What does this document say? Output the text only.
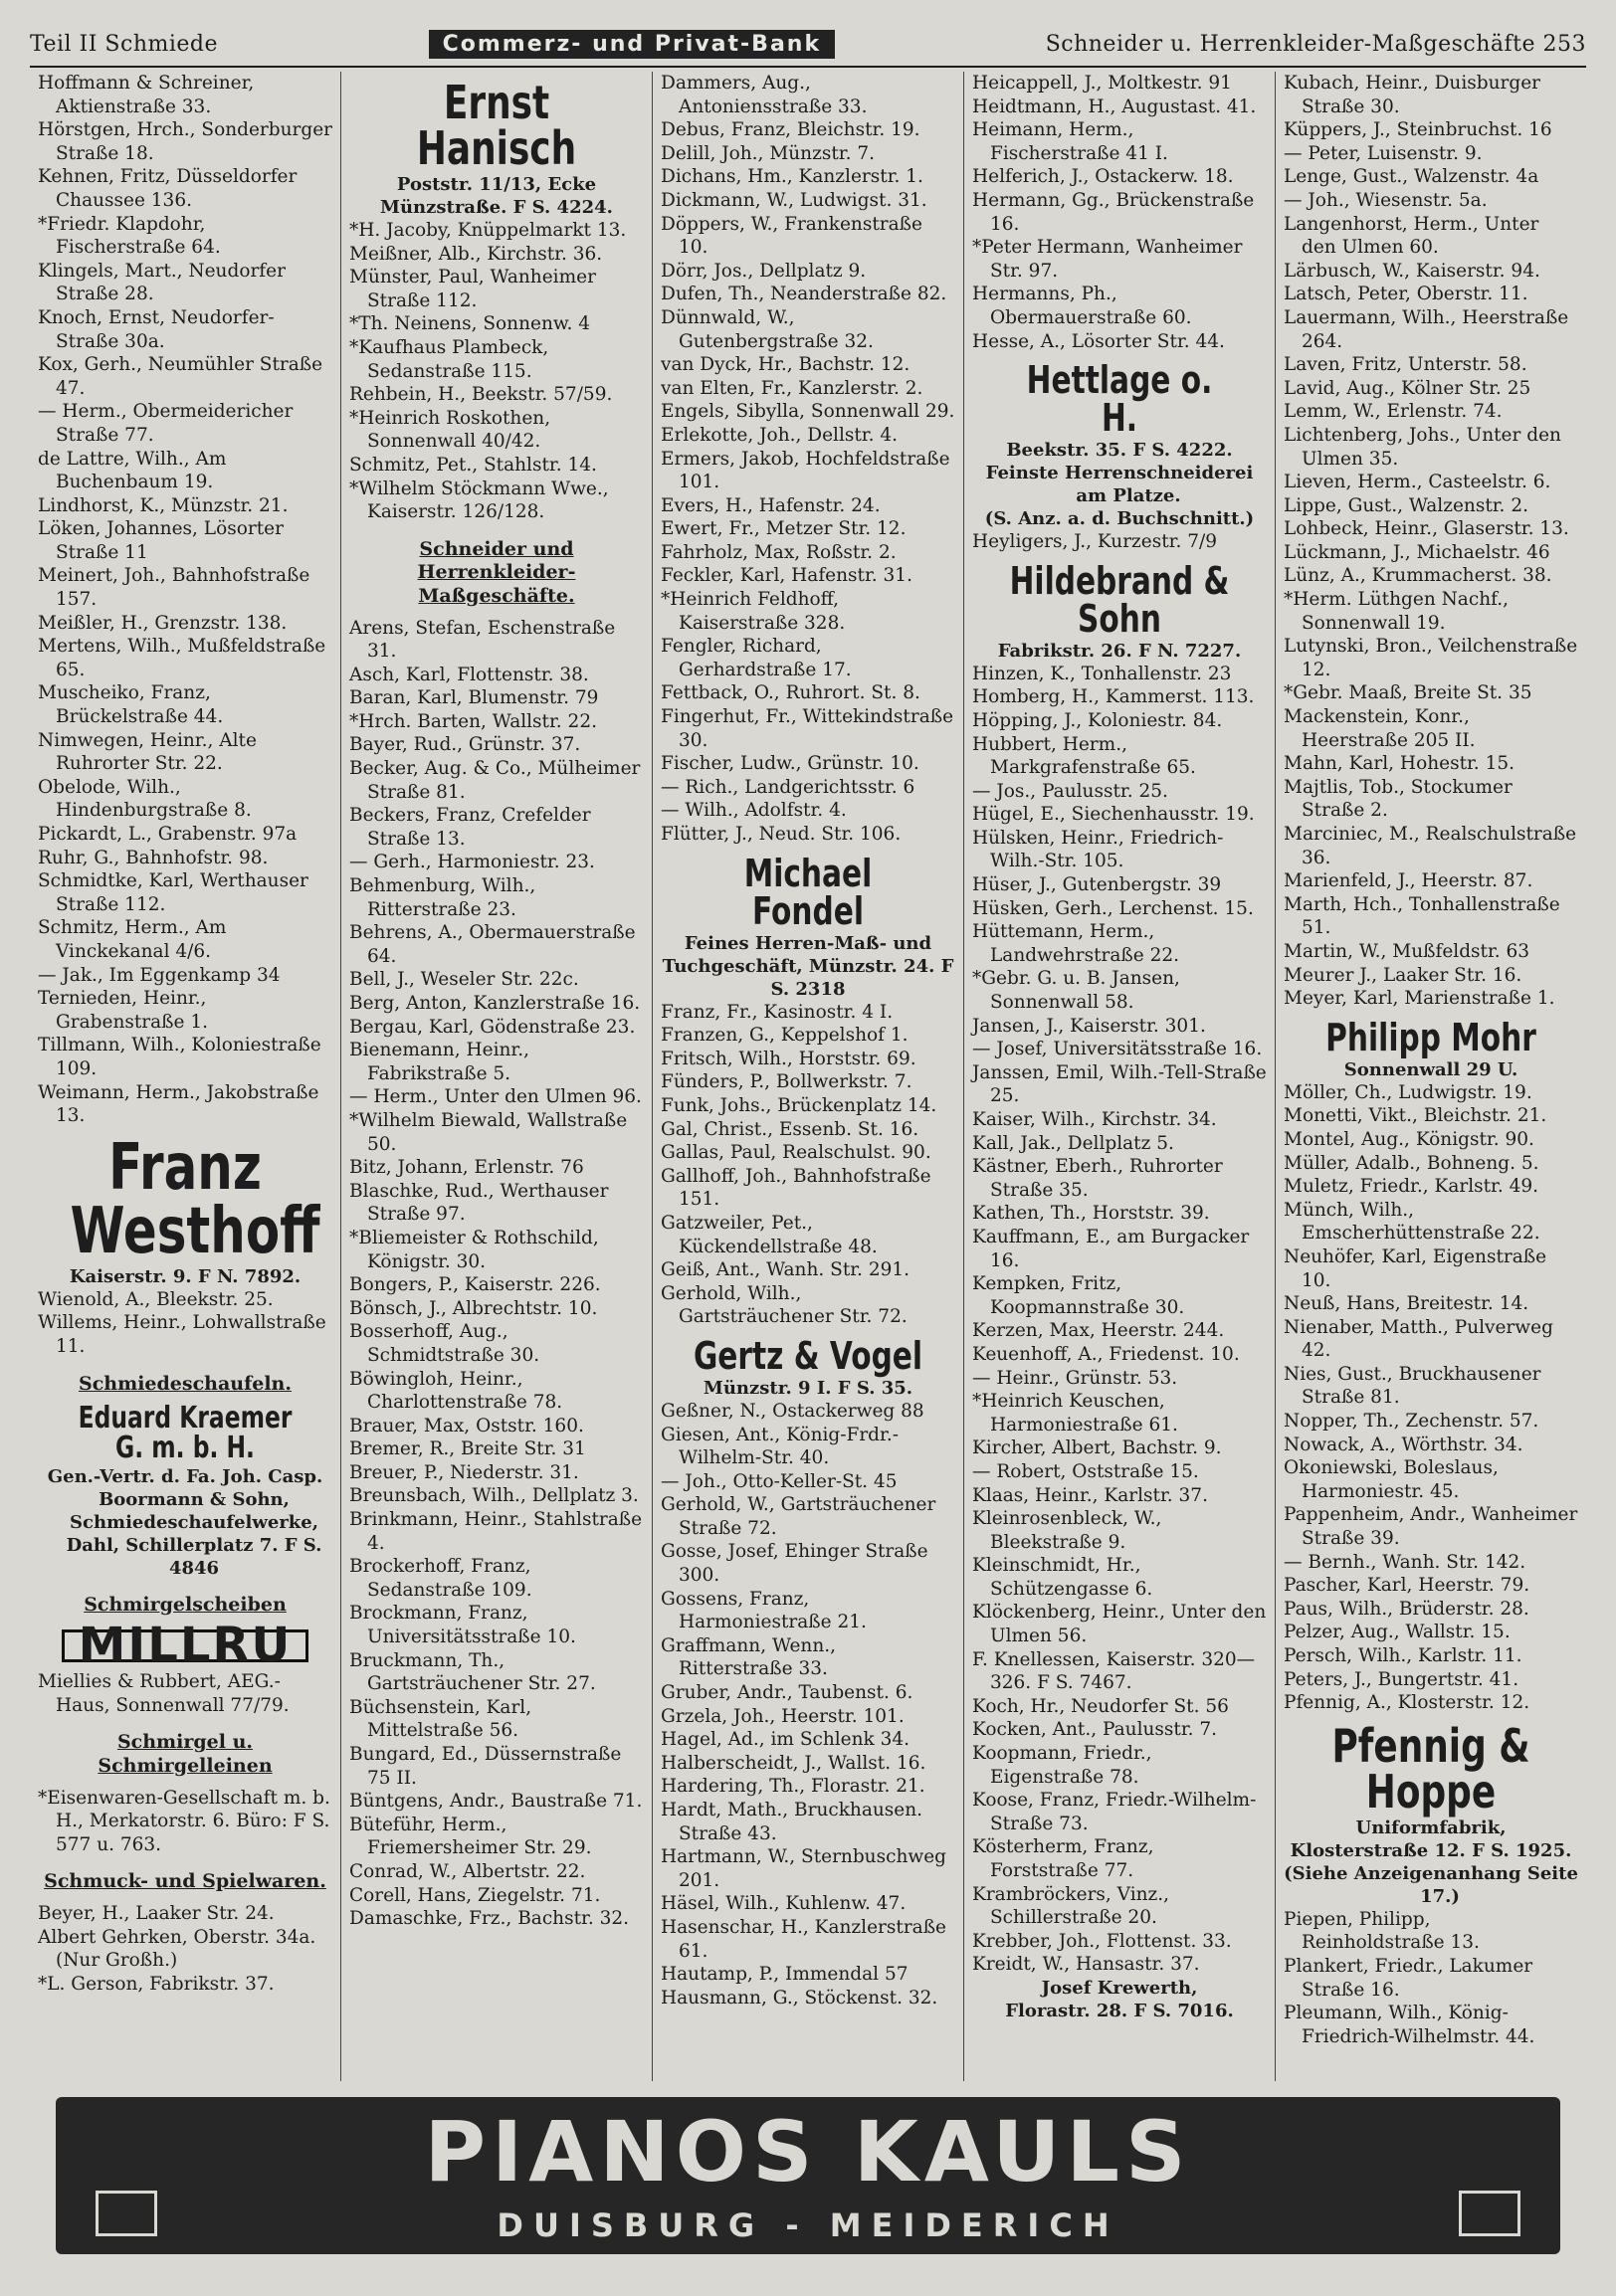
Teil II Schmiede	Commerz- und Privat-Bank	Schneider u. Herrenkleider-Maßgeschäfte 253

Hoffmann & Schreiner, Aktienstraße 33.

Hörstgen, Hrch., Sonderburger Straße 18.

Kehnen, Fritz, Düsseldorfer Chaussee 136.

*Friedr. Klapdohr, Fischerstraße 64.

Klingels, Mart., Neudorfer Straße 28.

Knoch, Ernst, Neudorfer-Straße 30a.

Kox, Gerh., Neumühler Straße 47.

— Herm., Obermeidericher Straße 77.

de Lattre, Wilh., Am Buchenbaum 19.

Lindhorst, K., Münzstr. 21.

Löken, Johannes, Lösorter Straße 11

Meinert, Joh., Bahnhofstraße 157.

Meißler, H., Grenzstr. 138.

Mertens, Wilh., Mußfeldstraße 65.

Muscheiko, Franz, Brückelstraße 44.

Nimwegen, Heinr., Alte Ruhrorter Str. 22.

Obelode, Wilh., Hindenburgstraße 8.

Pickardt, L., Grabenstr. 97a

Ruhr, G., Bahnhofstr. 98.

Schmidtke, Karl, Werthauser Straße 112.

Schmitz, Herm., Am Vinckekanal 4/6.

— Jak., Im Eggenkamp 34

Ternieden, Heinr., Grabenstraße 1.

Tillmann, Wilh., Koloniestraße 109.

Weimann, Herm., Jakobstraße 13.

Franz Westhoff
Kaiserstr. 9. F N. 7892.

Wienold, A., Bleekstr. 25.

Willems, Heinr., Lohwallstraße 11.

Schmiedeschaufeln.
Eduard Kraemer G. m. b. H.

Gen.-Vertr. d. Fa. Joh. Casp. Boormann & Sohn, Schmiedeschaufelwerke, Dahl, Schillerplatz 7. F S. 4846

Schmirgelscheiben
MILLRU

Miellies & Rubbert, AEG.-Haus, Sonnenwall 77/79.

Schmirgel u. Schmirgelleinen

*Eisenwaren-Gesellschaft m. b. H., Merkatorstr. 6. Büro: F S. 577 u. 763.

Schmuck- und Spielwaren.

Beyer, H., Laaker Str. 24.

Albert Gehrken, Oberstr. 34a. (Nur Großh.)

*L. Gerson, Fabrikstr. 37.

Ernst Hanisch
Poststr. 11/13, Ecke Münzstraße. F S. 4224.

*H. Jacoby, Knüppelmarkt 13.

Meißner, Alb., Kirchstr. 36.

Münster, Paul, Wanheimer Straße 112.

*Th. Neinens, Sonnenw. 4

*Kaufhaus Plambeck, Sedanstraße 115.

Rehbein, H., Beekstr. 57/59.

*Heinrich Roskothen, Sonnenwall 40/42.

Schmitz, Pet., Stahlstr. 14.

*Wilhelm Stöckmann Wwe., Kaiserstr. 126/128.

Schneider und Herrenkleider-Maßgeschäfte.

Arens, Stefan, Eschenstraße 31.

Asch, Karl, Flottenstr. 38.

Baran, Karl, Blumenstr. 79

*Hrch. Barten, Wallstr. 22.

Bayer, Rud., Grünstr. 37.

Becker, Aug. & Co., Mülheimer Straße 81.

Beckers, Franz, Crefelder Straße 13.

— Gerh., Harmoniestr. 23.

Behmenburg, Wilh., Ritterstraße 23.

Behrens, A., Obermauerstraße 64.

Bell, J., Weseler Str. 22c.

Berg, Anton, Kanzlerstraße 16.

Bergau, Karl, Gödenstraße 23.

Bienemann, Heinr., Fabrikstraße 5.

— Herm., Unter den Ulmen 96.

*Wilhelm Biewald, Wallstraße 50.

Bitz, Johann, Erlenstr. 76

Blaschke, Rud., Werthauser Straße 97.

*Bliemeister & Rothschild, Königstr. 30.

Bongers, P., Kaiserstr. 226.

Bönsch, J., Albrechtstr. 10.

Bosserhoff, Aug., Schmidtstraße 30.

Böwingloh, Heinr., Charlottenstraße 78.

Brauer, Max, Oststr. 160.

Bremer, R., Breite Str. 31

Breuer, P., Niederstr. 31.

Breunsbach, Wilh., Dellplatz 3.

Brinkmann, Heinr., Stahlstraße 4.

Brockerhoff, Franz, Sedanstraße 109.

Brockmann, Franz, Universitätsstraße 10.

Bruckmann, Th., Gartsträuchener Str. 27.

Büchsenstein, Karl, Mittelstraße 56.

Bungard, Ed., Düssernstraße 75 II.

Büntgens, Andr., Baustraße 71.

Büteführ, Herm., Friemersheimer Str. 29.

Conrad, W., Albertstr. 22.

Corell, Hans, Ziegelstr. 71.

Damaschke, Frz., Bachstr. 32.

Dammers, Aug., Antoniensstraße 33.

Debus, Franz, Bleichstr. 19.

Delill, Joh., Münzstr. 7.

Dichans, Hm., Kanzlerstr. 1.

Dickmann, W., Ludwigst. 31.

Döppers, W., Frankenstraße 10.

Dörr, Jos., Dellplatz 9.

Dufen, Th., Neanderstraße 82.

Dünnwald, W., Gutenbergstraße 32.

van Dyck, Hr., Bachstr. 12.

van Elten, Fr., Kanzlerstr. 2.

Engels, Sibylla, Sonnenwall 29.

Erlekotte, Joh., Dellstr. 4.

Ermers, Jakob, Hochfeldstraße 101.

Evers, H., Hafenstr. 24.

Ewert, Fr., Metzer Str. 12.

Fahrholz, Max, Roßstr. 2.

Feckler, Karl, Hafenstr. 31.

*Heinrich Feldhoff, Kaiserstraße 328.

Fengler, Richard, Gerhardstraße 17.

Fettback, O., Ruhrort. St. 8.

Fingerhut, Fr., Wittekindstraße 30.

Fischer, Ludw., Grünstr. 10.

— Rich., Landgerichtsstr. 6

— Wilh., Adolfstr. 4.

Flütter, J., Neud. Str. 106.

Michael Fondel
Feines Herren-Maß- und Tuchgeschäft, Münzstr. 24. F S. 2318

Franz, Fr., Kasinostr. 4 I.

Franzen, G., Keppelshof 1.

Fritsch, Wilh., Horststr. 69.

Fünders, P., Bollwerkstr. 7.

Funk, Johs., Brückenplatz 14.

Gal, Christ., Essenb. St. 16.

Gallas, Paul, Realschulst. 90.

Gallhoff, Joh., Bahnhofstraße 151.

Gatzweiler, Pet., Kückendellstraße 48.

Geiß, Ant., Wanh. Str. 291.

Gerhold, Wilh., Gartsträuchener Str. 72.

Gertz & Vogel
Münzstr. 9 I. F S. 35.

Geßner, N., Ostackerweg 88

Giesen, Ant., König-Frdr.-Wilhelm-Str. 40.

— Joh., Otto-Keller-St. 45

Gerhold, W., Gartsträuchener Straße 72.

Gosse, Josef, Ehinger Straße 300.

Gossens, Franz, Harmoniestraße 21.

Graffmann, Wenn., Ritterstraße 33.

Gruber, Andr., Taubenst. 6.

Grzela, Joh., Heerstr. 101.

Hagel, Ad., im Schlenk 34.

Halberscheidt, J., Wallst. 16.

Hardering, Th., Florastr. 21.

Hardt, Math., Bruckhausen. Straße 43.

Hartmann, W., Sternbuschweg 201.

Häsel, Wilh., Kuhlenw. 47.

Hasenschar, H., Kanzlerstraße 61.

Hautamp, P., Immendal 57

Hausmann, G., Stöckenst. 32.

Heicappell, J., Moltkestr. 91

Heidtmann, H., Augustast. 41.

Heimann, Herm., Fischerstraße 41 I.

Helferich, J., Ostackerw. 18.

Hermann, Gg., Brückenstraße 16.

*Peter Hermann, Wanheimer Str. 97.

Hermanns, Ph., Obermauerstraße 60.

Hesse, A., Lösorter Str. 44.

Hettlage o. H.

Beekstr. 35. F S. 4222.

Feinste Herrenschneiderei am Platze.

(S. Anz. a. d. Buchschnitt.)

Heyligers, J., Kurzestr. 7/9

Hildebrand & Sohn
Fabrikstr. 26. F N. 7227.

Hinzen, K., Tonhallenstr. 23

Homberg, H., Kammerst. 113.

Höpping, J., Koloniestr. 84.

Hubbert, Herm., Markgrafenstraße 65.

— Jos., Paulusstr. 25.

Hügel, E., Siechenhausstr. 19.

Hülsken, Heinr., Friedrich-Wilh.-Str. 105.

Hüser, J., Gutenbergstr. 39

Hüsken, Gerh., Lerchenst. 15.

Hüttemann, Herm., Landwehrstraße 22.

*Gebr. G. u. B. Jansen, Sonnenwall 58.

Jansen, J., Kaiserstr. 301.

— Josef, Universitätsstraße 16.

Janssen, Emil, Wilh.-Tell-Straße 25.

Kaiser, Wilh., Kirchstr. 34.

Kall, Jak., Dellplatz 5.

Kästner, Eberh., Ruhrorter Straße 35.

Kathen, Th., Horststr. 39.

Kauffmann, E., am Burgacker 16.

Kempken, Fritz, Koopmannstraße 30.

Kerzen, Max, Heerstr. 244.

Keuenhoff, A., Friedenst. 10.

— Heinr., Grünstr. 53.

*Heinrich Keuschen, Harmoniestraße 61.

Kircher, Albert, Bachstr. 9.

— Robert, Oststraße 15.

Klaas, Heinr., Karlstr. 37.

Kleinrosenbleck, W., Bleekstraße 9.

Kleinschmidt, Hr., Schützengasse 6.

Klöckenberg, Heinr., Unter den Ulmen 56.

F. Knellessen, Kaiserstr. 320—326. F S. 7467.

Koch, Hr., Neudorfer St. 56

Kocken, Ant., Paulusstr. 7.

Koopmann, Friedr., Eigenstraße 78.

Koose, Franz, Friedr.-Wilhelm-Straße 73.

Kösterherm, Franz, Forststraße 77.

Krambröckers, Vinz., Schillerstraße 20.

Krebber, Joh., Flottenst. 33.

Kreidt, W., Hansastr. 37.

Josef Krewerth,
Florastr. 28. F S. 7016.

Kubach, Heinr., Duisburger Straße 30.

Küppers, J., Steinbruchst. 16

— Peter, Luisenstr. 9.

Lenge, Gust., Walzenstr. 4a

— Joh., Wiesenstr. 5a.

Langenhorst, Herm., Unter den Ulmen 60.

Lärbusch, W., Kaiserstr. 94.

Latsch, Peter, Oberstr. 11.

Lauermann, Wilh., Heerstraße 264.

Laven, Fritz, Unterstr. 58.

Lavid, Aug., Kölner Str. 25

Lemm, W., Erlenstr. 74.

Lichtenberg, Johs., Unter den Ulmen 35.

Lieven, Herm., Casteelstr. 6.

Lippe, Gust., Walzenstr. 2.

Lohbeck, Heinr., Glaserstr. 13.

Lückmann, J., Michaelstr. 46

Lünz, A., Krummacherst. 38.

*Herm. Lüthgen Nachf., Sonnenwall 19.

Lutynski, Bron., Veilchenstraße 12.

*Gebr. Maaß, Breite St. 35

Mackenstein, Konr., Heerstraße 205 II.

Mahn, Karl, Hohestr. 15.

Majtlis, Tob., Stockumer Straße 2.

Marciniec, M., Realschulstraße 36.

Marienfeld, J., Heerstr. 87.

Marth, Hch., Tonhallenstraße 51.

Martin, W., Mußfeldstr. 63

Meurer J., Laaker Str. 16.

Meyer, Karl, Marienstraße 1.

Philipp Mohr
Sonnenwall 29 U.

Möller, Ch., Ludwigstr. 19.

Monetti, Vikt., Bleichstr. 21.

Montel, Aug., Königstr. 90.

Müller, Adalb., Bohneng. 5.

Muletz, Friedr., Karlstr. 49.

Münch, Wilh., Emscherhüttenstraße 22.

Neuhöfer, Karl, Eigenstraße 10.

Neuß, Hans, Breitestr. 14.

Nienaber, Matth., Pulverweg 42.

Nies, Gust., Bruckhausener Straße 81.

Nopper, Th., Zechenstr. 57.

Nowack, A., Wörthstr. 34.

Okoniewski, Boleslaus, Harmoniestr. 45.

Pappenheim, Andr., Wanheimer Straße 39.

— Bernh., Wanh. Str. 142.

Pascher, Karl, Heerstr. 79.

Paus, Wilh., Brüderstr. 28.

Pelzer, Aug., Wallstr. 15.

Persch, Wilh., Karlstr. 11.

Peters, J., Bungertstr. 41.

Pfennig, A., Klosterstr. 12.

Pfennig & Hoppe

Uniformfabrik,

Klosterstraße 12. F S. 1925.

(Siehe Anzeigenanhang Seite 17.)

Piepen, Philipp, Reinholdstraße 13.

Plankert, Friedr., Lakumer Straße 16.

Pleumann, Wilh., König-Friedrich-Wilhelmstr. 44.

PIANOS KAULS
DUISBURG - MEIDERICH
